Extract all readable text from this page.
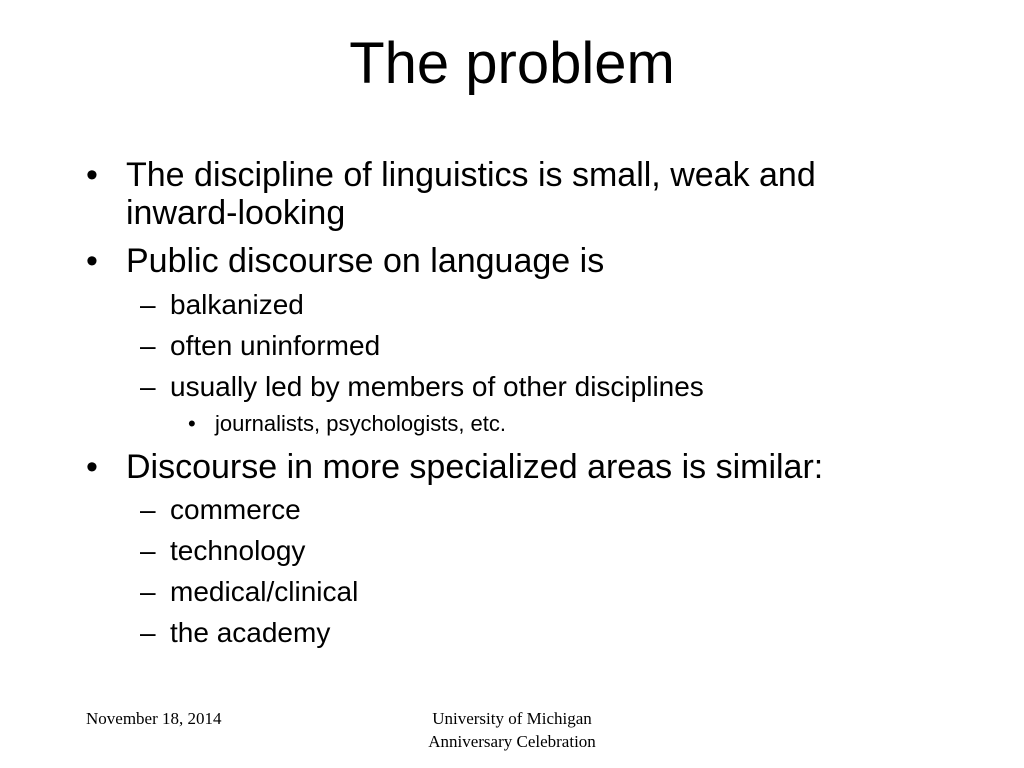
The problem
• The discipline of linguistics is small, weak and
inward-looking
• Public discourse on language is
– balkanized
– often uninformed
– usually led by members of other disciplines
• journalists, psychologists, etc.
• Discourse in more specialized areas is similar:
– commerce
– technology
– medical/clinical
– the academy
November 18, 2014	University of Michigan
Anniversary Celebration
